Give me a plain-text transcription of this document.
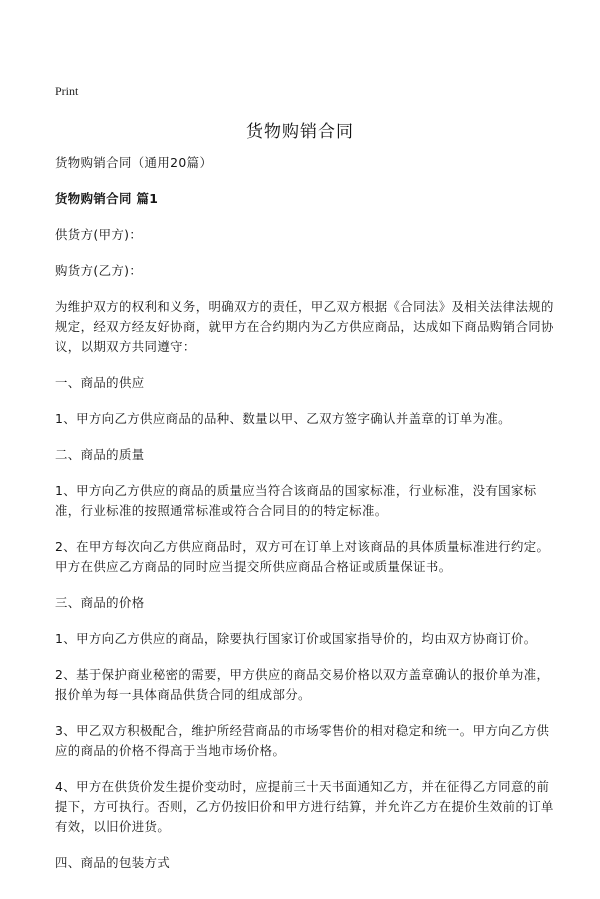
Print
货物购销合同

货物购销合同（通用20篇）

货物购销合同 篇1

供货方(甲方)：

购货方(乙方)：

为维护双方的权利和义务，明确双方的责任，甲乙双方根据《合同法》及相关法律法规的规定，经双方经友好协商，就甲方在合约期内为乙方供应商品，达成如下商品购销合同协议，以期双方共同遵守：

一、商品的供应

1、甲方向乙方供应商品的品种、数量以甲、乙双方签字确认并盖章的订单为准。

二、商品的质量

1、甲方向乙方供应的商品的质量应当符合该商品的国家标准，行业标准，没有国家标准，行业标准的按照通常标准或符合合同目的的特定标准。

2、在甲方每次向乙方供应商品时，双方可在订单上对该商品的具体质量标准进行约定。甲方在供应乙方商品的同时应当提交所供应商品合格证或质量保证书。

三、商品的价格

1、甲方向乙方供应的商品，除要执行国家订价或国家指导价的，均由双方协商订价。

2、基于保护商业秘密的需要，甲方供应的商品交易价格以双方盖章确认的报价单为准，报价单为每一具体商品供货合同的组成部分。

3、甲乙双方积极配合，维护所经营商品的市场零售价的相对稳定和统一。甲方向乙方供应的商品的价格不得高于当地市场价格。

4、甲方在供货价发生提价变动时，应提前三十天书面通知乙方，并在征得乙方同意的前提下，方可执行。否则，乙方仍按旧价和甲方进行结算，并允许乙方在提价生效前的订单有效，以旧价进货。

四、商品的包装方式
